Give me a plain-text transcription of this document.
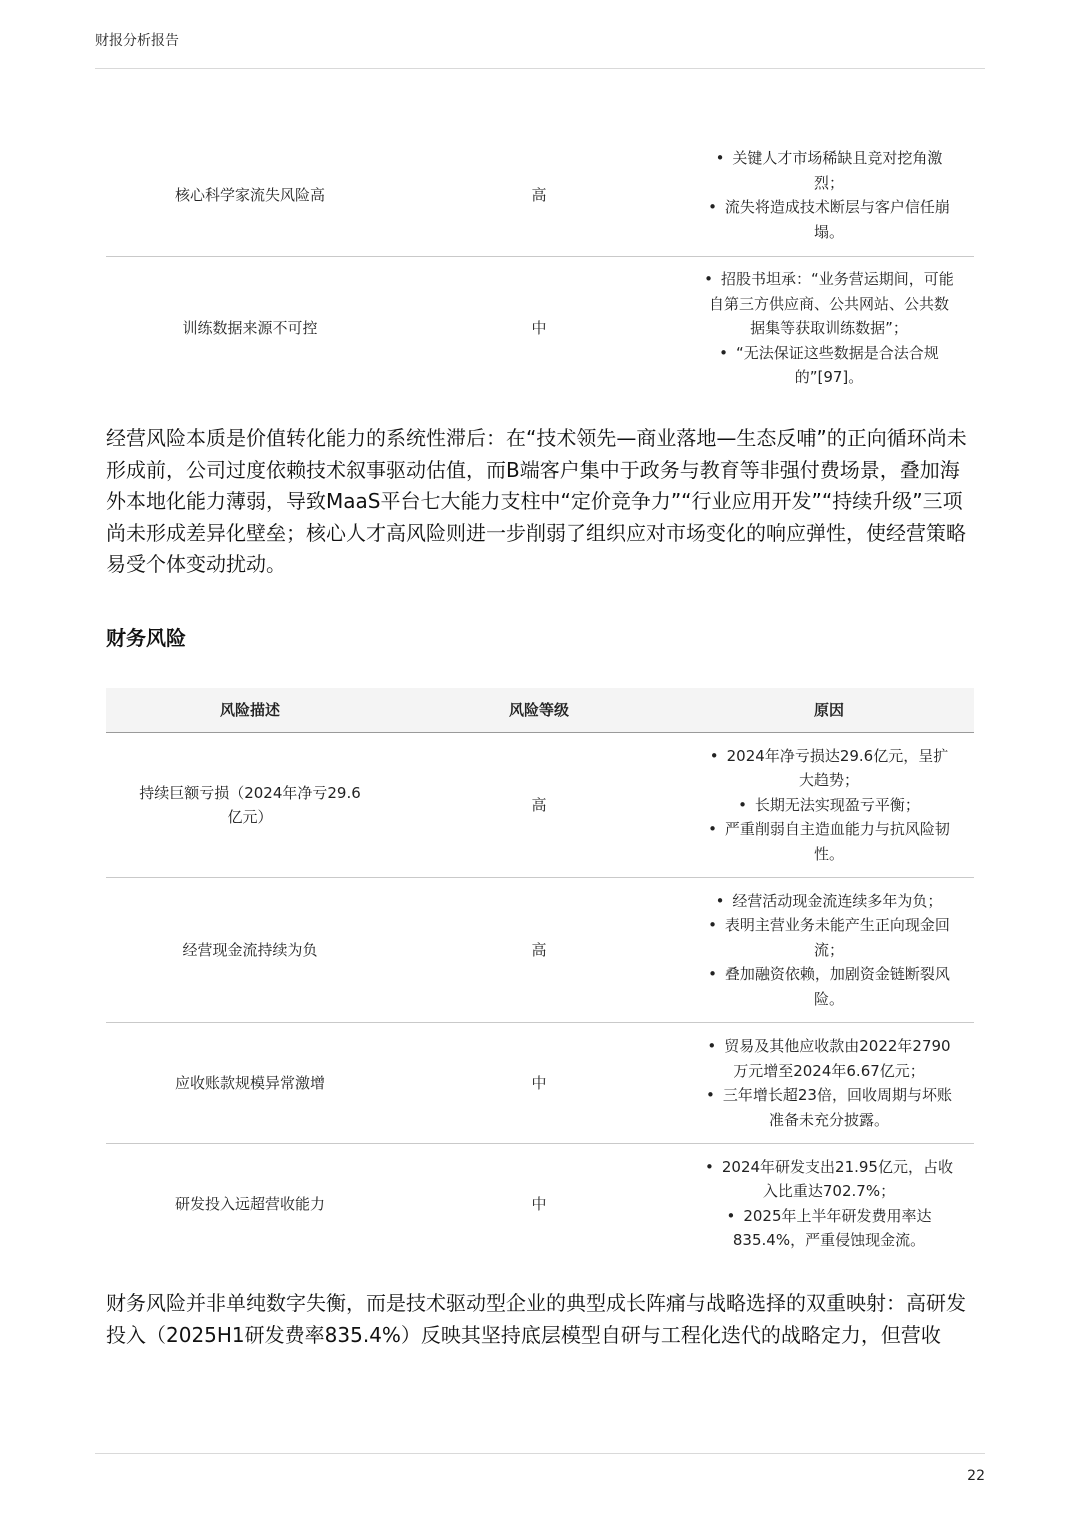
财报分析报告
核心科学家流失风险高	高	• 关键人才市场稀缺且竞对挖角激烈；
• 流失将造成技术断层与客户信任崩塌。

训练数据来源不可控	中	• 招股书坦承：“业务营运期间，可能自第三方供应商、公共网站、公共数据集等获取训练数据”；
• “无法保证这些数据是合法合规的”[97]。

经营风险本质是价值转化能力的系统性滞后：在“技术领先—商业落地—生态反哺”的正向循环尚未形成前，公司过度依赖技术叙事驱动估值，而B端客户集中于政务与教育等非强付费场景，叠加海外本地化能力薄弱，导致MaaS平台七大能力支柱中“定价竞争力”“行业应用开发”“持续升级”三项尚未形成差异化壁垒；核心人才高风险则进一步削弱了组织应对市场变化的响应弹性，使经营策略易受个体变动扰动。

财务风险
风险描述	风险等级	原因
持续巨额亏损（2024年净亏29.6亿元）	高	• 2024年净亏损达29.6亿元，呈扩大趋势；
• 长期无法实现盈亏平衡；
• 严重削弱自主造血能力与抗风险韧性。

经营现金流持续为负	高	• 经营活动现金流连续多年为负；
• 表明主营业务未能产生正向现金回流；
• 叠加融资依赖，加剧资金链断裂风险。

应收账款规模异常激增	中	• 贸易及其他应收款由2022年2790万元增至2024年6.67亿元；
• 三年增长超23倍，回收周期与坏账准备未充分披露。

研发投入远超营收能力	中	• 2024年研发支出21.95亿元，占收入比重达702.7%；
• 2025年上半年研发费用率达835.4%，严重侵蚀现金流。

财务风险并非单纯数字失衡，而是技术驱动型企业的典型成长阵痛与战略选择的双重映射：高研发投入（2025H1研发费率835.4%）反映其坚持底层模型自研与工程化迭代的战略定力，但营收

22
